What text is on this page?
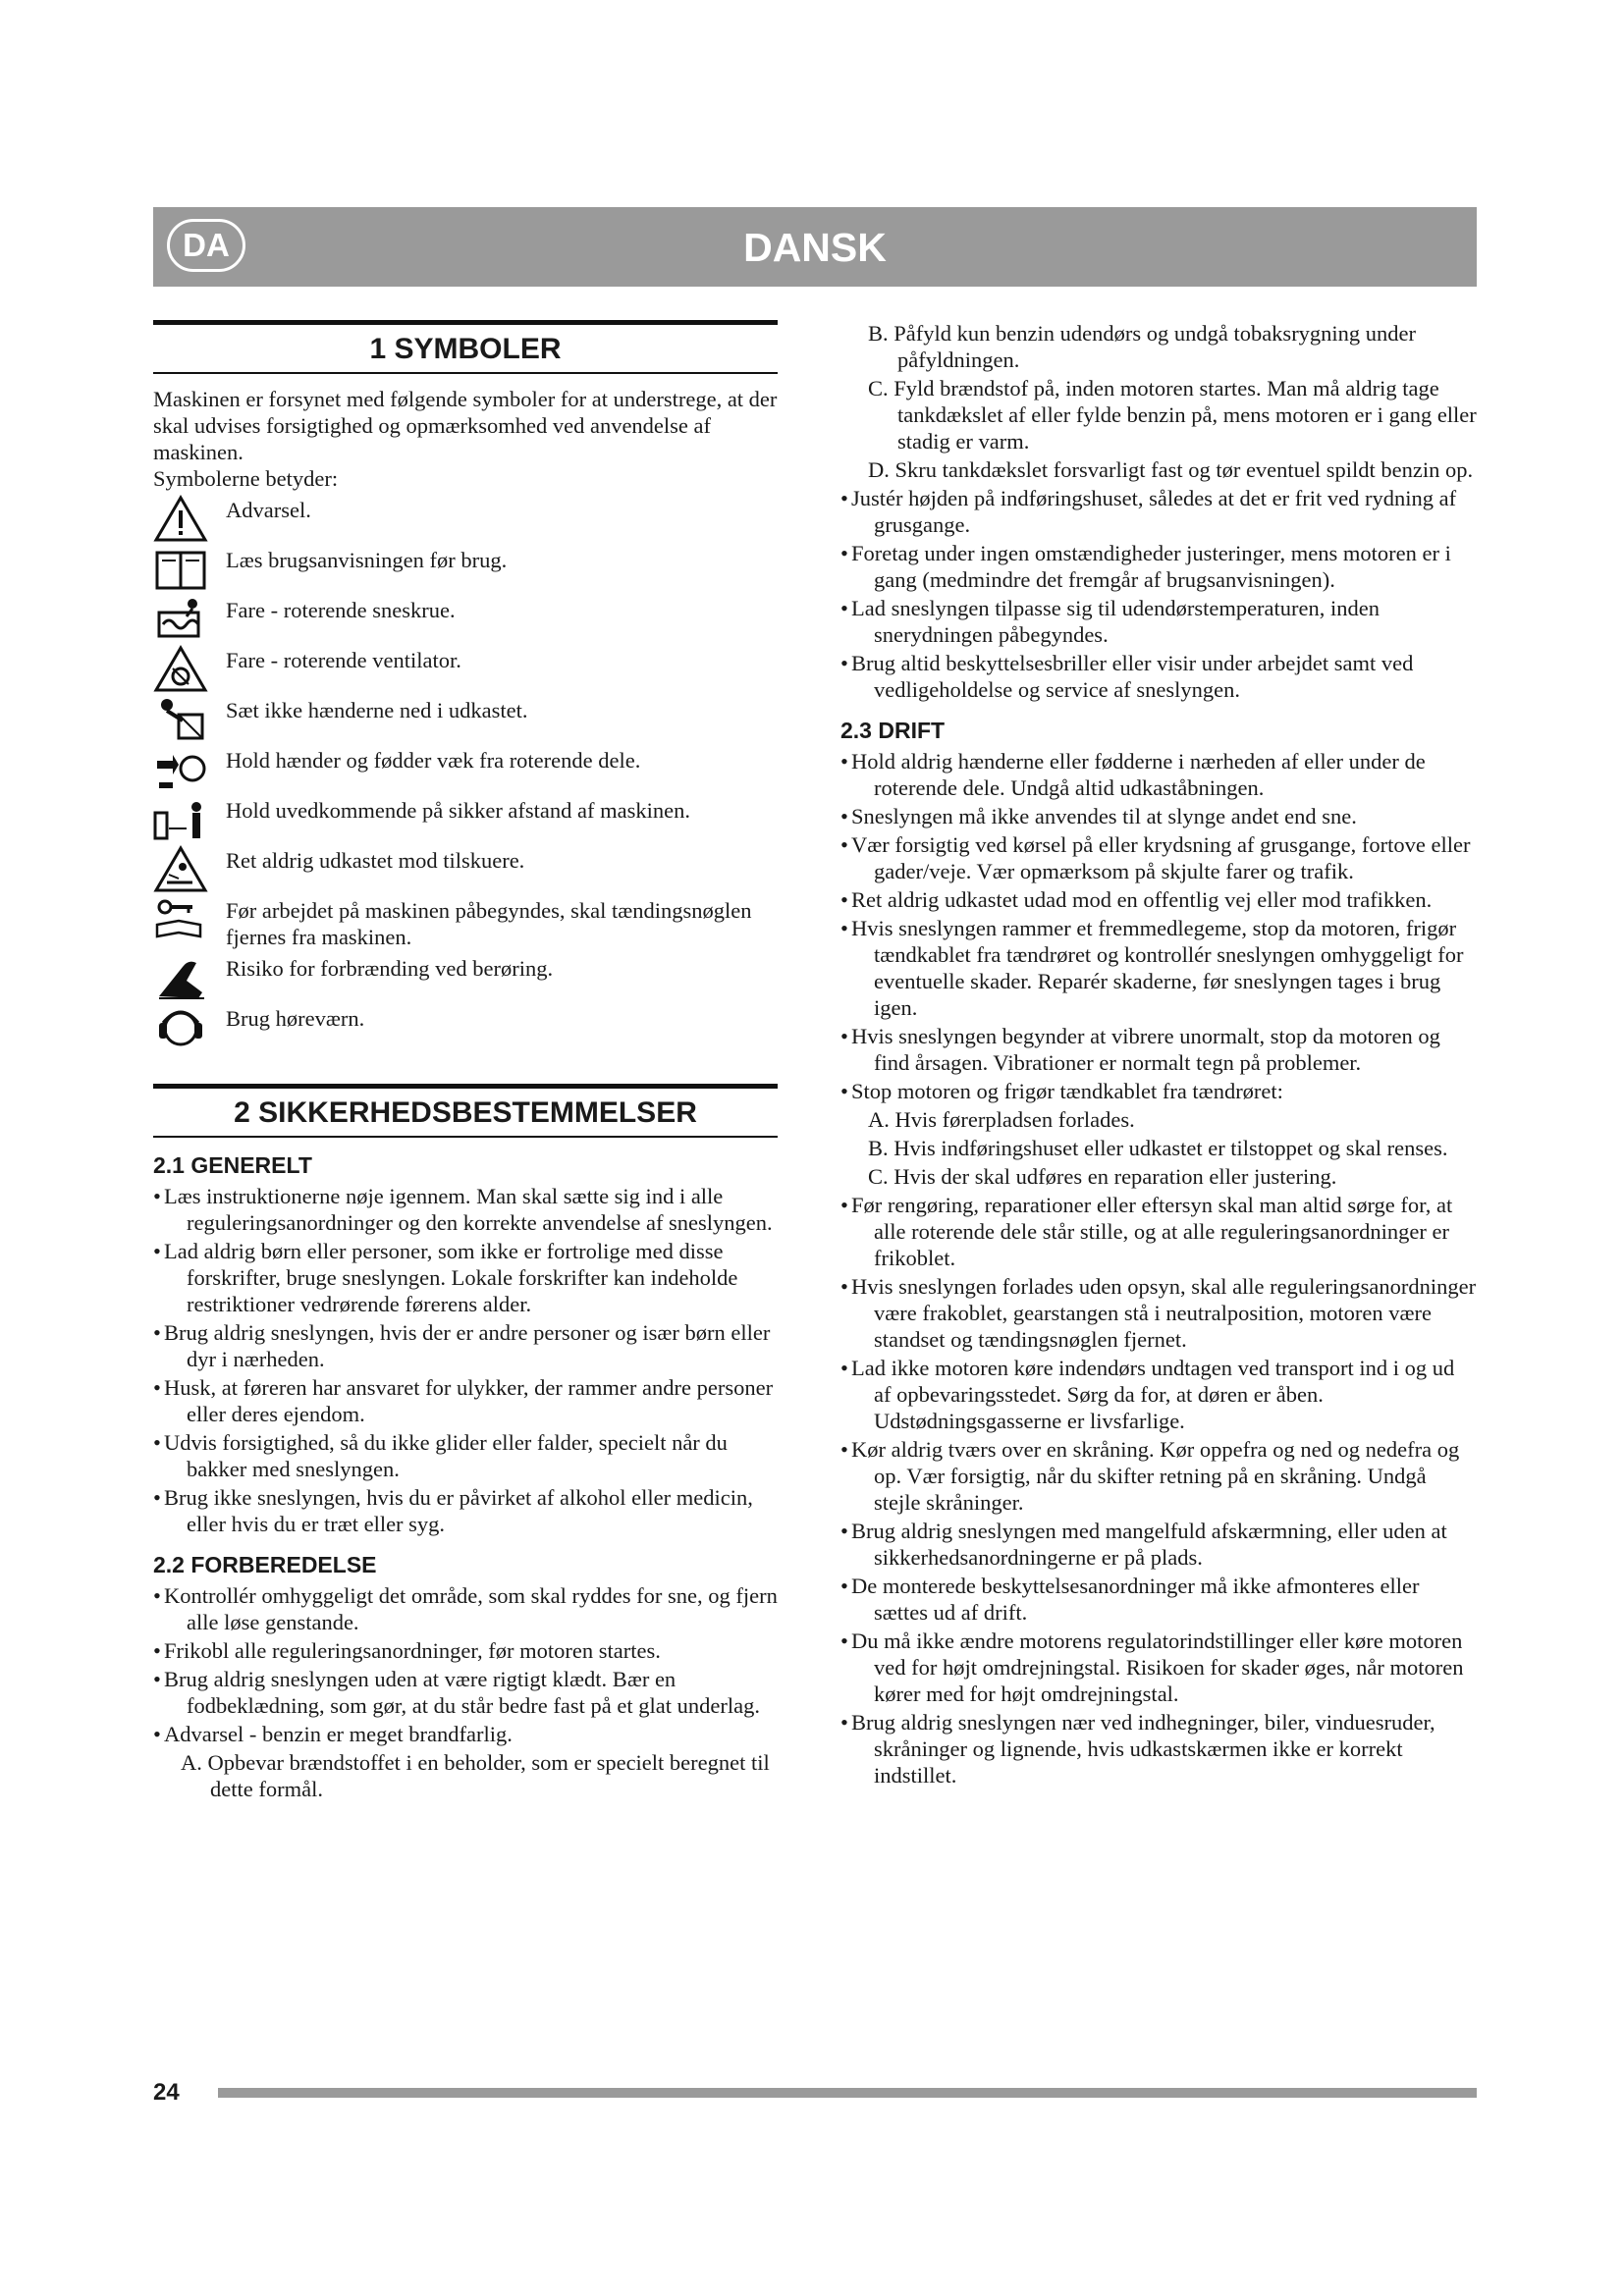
DA	DANSK
1 SYMBOLER

Maskinen er forsynet med følgende symboler for at understrege, at der skal udvises forsigtighed og opmærksomhed ved anvendelse af maskinen.

Symbolerne betyder:

Advarsel.
Læs brugsanvisningen før brug.
Fare - roterende sneskrue.
Fare - roterende ventilator.
Sæt ikke hænderne ned i udkastet.
Hold hænder og fødder væk fra roterende dele.
Hold uvedkommende på sikker afstand af maskinen.
Ret aldrig udkastet mod tilskuere.
Før arbejdet på maskinen påbegyndes, skal tændingsnøglen fjernes fra maskinen.
Risiko for forbrænding ved berøring.
Brug høreværn.
2 SIKKERHEDSBESTEMMELSER
2.1 GENERELT
• Læs instruktionerne nøje igennem. Man skal sætte sig ind i alle reguleringsanordninger og den korrekte anvendelse af sneslyngen.
• Lad aldrig børn eller personer, som ikke er fortrolige med disse forskrifter, bruge sneslyngen. Lokale forskrifter kan indeholde restriktioner vedrørende førerens alder.
• Brug aldrig sneslyngen, hvis der er andre personer og især børn eller dyr i nærheden.
• Husk, at føreren har ansvaret for ulykker, der rammer andre personer eller deres ejendom.
• Udvis forsigtighed, så du ikke glider eller falder, specielt når du bakker med sneslyngen.
• Brug ikke sneslyngen, hvis du er påvirket af alkohol eller medicin, eller hvis du er træt eller syg.
2.2 FORBEREDELSE
• Kontrollér omhyggeligt det område, som skal ryddes for sne, og fjern alle løse genstande.
• Frikobl alle reguleringsanordninger, før motoren startes.
• Brug aldrig sneslyngen uden at være rigtigt klædt. Bær en fodbeklædning, som gør, at du står bedre fast på et glat underlag.
• Advarsel - benzin er meget brandfarlig.
A. Opbevar brændstoffet i en beholder, som er specielt beregnet til dette formål.
B. Påfyld kun benzin udendørs og undgå tobaksrygning under påfyldningen.
C. Fyld brændstof på, inden motoren startes. Man må aldrig tage tankdækslet af eller fylde benzin på, mens motoren er i gang eller stadig er varm.
D. Skru tankdækslet forsvarligt fast og tør eventuel spildt benzin op.
• Justér højden på indføringshuset, således at det er frit ved rydning af grusgange.
• Foretag under ingen omstændigheder justeringer, mens motoren er i gang (medmindre det fremgår af brugsanvisningen).
• Lad sneslyngen tilpasse sig til udendørstemperaturen, inden snerydningen påbegyndes.
• Brug altid beskyttelsesbriller eller visir under arbejdet samt ved vedligeholdelse og service af sneslyngen.
2.3 DRIFT
• Hold aldrig hænderne eller fødderne i nærheden af eller under de roterende dele. Undgå altid udkaståbningen.
• Sneslyngen må ikke anvendes til at slynge andet end sne.
• Vær forsigtig ved kørsel på eller krydsning af grusgange, fortove eller gader/veje. Vær opmærksom på skjulte farer og trafik.
• Ret aldrig udkastet udad mod en offentlig vej eller mod trafikken.
• Hvis sneslyngen rammer et fremmedlegeme, stop da motoren, frigør tændkablet fra tændrøret og kontrollér sneslyngen omhyggeligt for eventuelle skader. Reparér skaderne, før sneslyngen tages i brug igen.
• Hvis sneslyngen begynder at vibrere unormalt, stop da motoren og find årsagen. Vibrationer er normalt tegn på problemer.
• Stop motoren og frigør tændkablet fra tændrøret:
A. Hvis førerpladsen forlades.
B. Hvis indføringshuset eller udkastet er tilstoppet og skal renses.
C. Hvis der skal udføres en reparation eller justering.
• Før rengøring, reparationer eller eftersyn skal man altid sørge for, at alle roterende dele står stille, og at alle reguleringsanordninger er frikoblet.
• Hvis sneslyngen forlades uden opsyn, skal alle reguleringsanordninger være frakoblet, gearstangen stå i neutralposition, motoren være standset og tændingsnøglen fjernet.
• Lad ikke motoren køre indendørs undtagen ved transport ind i og ud af opbevaringsstedet. Sørg da for, at døren er åben. Udstødningsgasserne er livsfarlige.
• Kør aldrig tværs over en skråning. Kør oppefra og ned og nedefra og op. Vær forsigtig, når du skifter retning på en skråning. Undgå stejle skråninger.
• Brug aldrig sneslyngen med mangelfuld afskærmning, eller uden at sikkerhedsanordningerne er på plads.
• De monterede beskyttelsesanordninger må ikke afmonteres eller sættes ud af drift.
• Du må ikke ændre motorens regulatorindstillinger eller køre motoren ved for højt omdrejningstal. Risikoen for skader øges, når motoren kører med for højt omdrejningstal.
• Brug aldrig sneslyngen nær ved indhegninger, biler, vinduesruder, skråninger og lignende, hvis udkastskærmen ikke er korrekt indstillet.
24
